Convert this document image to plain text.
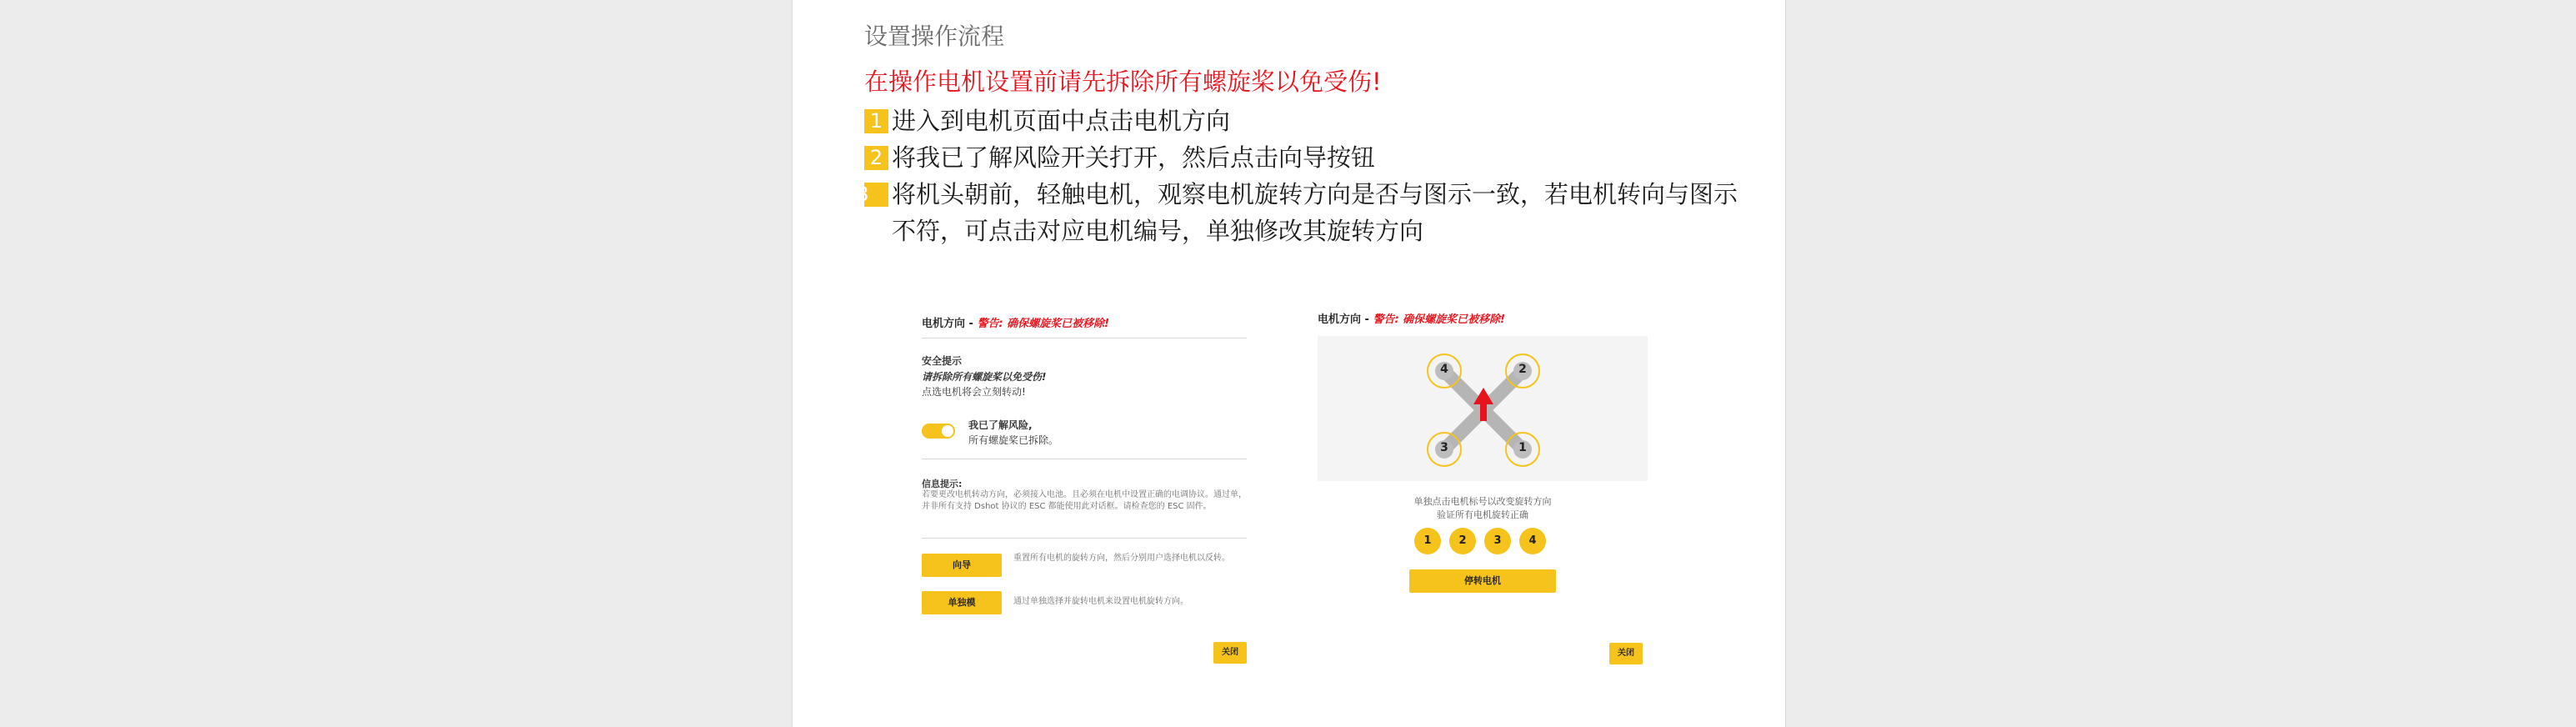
设置操作流程
在操作电机设置前请先拆除所有螺旋桨以免受伤!
1 进入到电机页面中点击电机方向
2 将我已了解风险开关打开，然后点击向导按钮
3 将机头朝前，轻触电机，观察电机旋转方向是否与图示一致，若电机转向与图示不符，可点击对应电机编号，单独修改其旋转方向
电机方向 - 警告: 确保螺旋桨已被移除!
安全提示
请拆除所有螺旋桨以免受伤!
点选电机将会立刻转动!
我已了解风险,
所有螺旋桨已拆除。
信息提示:
若要更改电机转动方向，必须接入电池。且必须在电机中设置正确的电调协议。通过单，并非所有支持 Dshot 协议的 ESC 都能使用此对话框。请检查您的 ESC 固件。
向导
重置所有电机的旋转方向，然后分别用户选择电机以反转。
单独模	通过单独选择并旋转电机来设置电机旋转方向。
关闭
电机方向 - 警告: 确保螺旋桨已被移除!
4	2
3	1
单独点击电机标号以改变旋转方向
验证所有电机旋转正确
1	2	3	4
停转电机
关闭
